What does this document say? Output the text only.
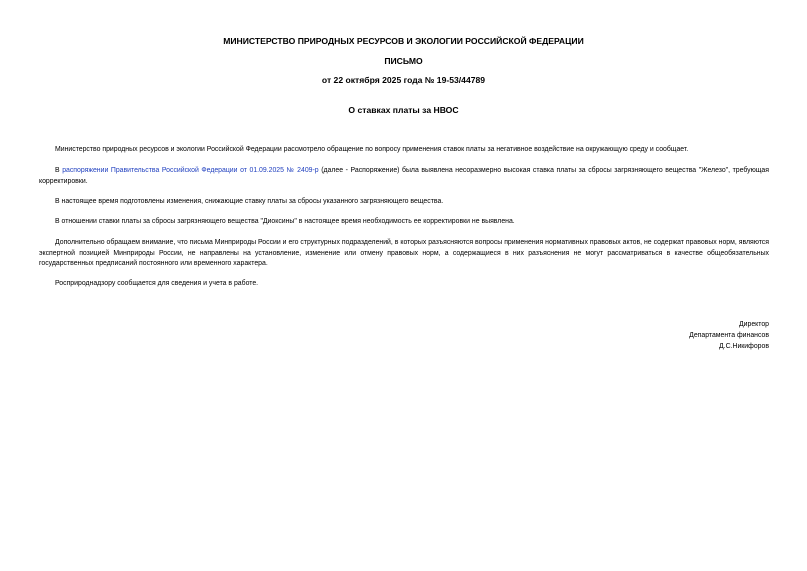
МИНИСТЕРСТВО ПРИРОДНЫХ РЕСУРСОВ И ЭКОЛОГИИ РОССИЙСКОЙ ФЕДЕРАЦИИ
ПИСЬМО
от 22 октября 2025 года № 19-53/44789
О ставках платы за НВОС

Министерство природных ресурсов и экологии Российской Федерации рассмотрело обращение по вопросу применения ставок платы за негативное воздействие на окружающую среду и сообщает.

В распоряжении Правительства Российской Федерации от 01.09.2025 № 2409-р (далее - Распоряжение) была выявлена несоразмерно высокая ставка платы за сбросы загрязняющего вещества "Железо", требующая корректировки.

В настоящее время подготовлены изменения, снижающие ставку платы за сбросы указанного загрязняющего вещества.

В отношении ставки платы за сбросы загрязняющего вещества "Диоксины" в настоящее время необходимость ее корректировки не выявлена.

Дополнительно обращаем внимание, что письма Минприроды России и его структурных подразделений, в которых разъясняются вопросы применения нормативных правовых актов, не содержат правовых норм, являются экспертной позицией Минприроды России, не направлены на установление, изменение или отмену правовых норм, а содержащиеся в них разъяснения не могут рассматриваться в качестве общеобязательных государственных предписаний постоянного или временного характера.

Росприроднадзору сообщается для сведения и учета в работе.

Директор
Департамента финансов
Д.С.Никифоров
